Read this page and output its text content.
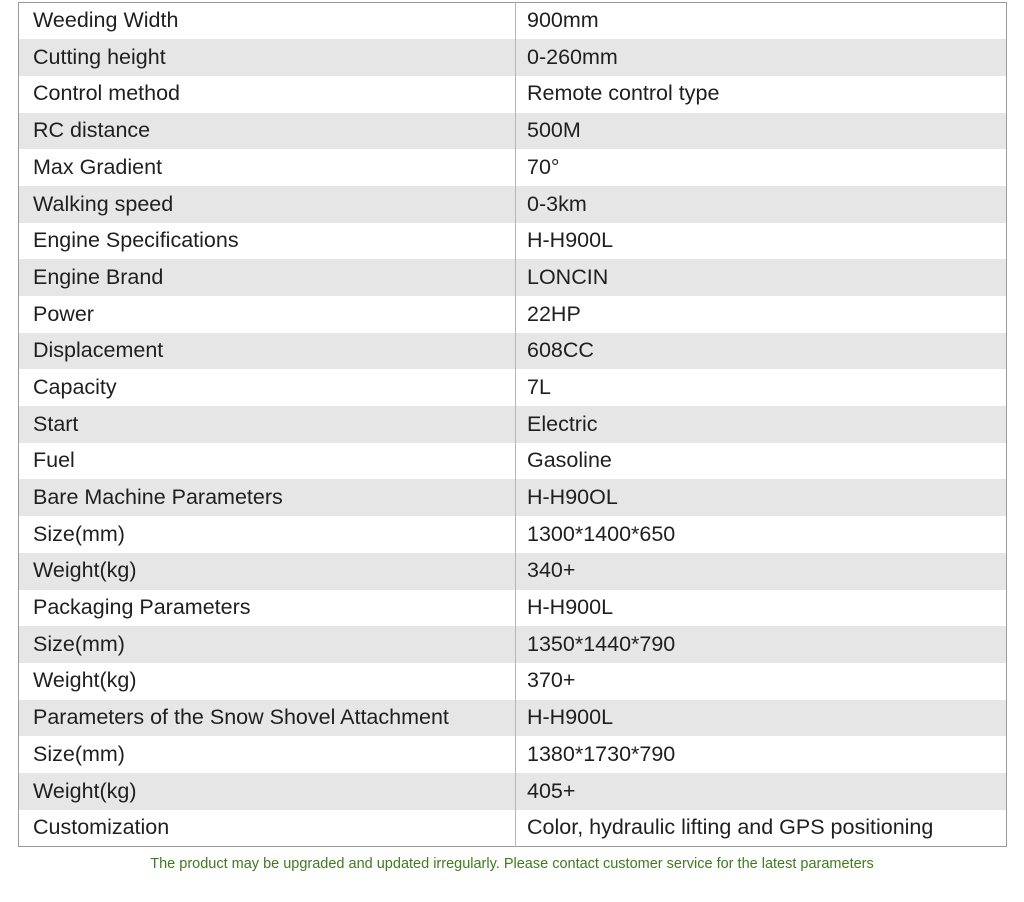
Weeding Width	900mm
Cutting height	0-260mm
Control method	Remote control type
RC distance	500M
Max Gradient	70°
Walking speed	0-3km
Engine Specifications	H-H900L
Engine Brand	LONCIN
Power	22HP
Displacement	608CC
Capacity	7L
Start	Electric
Fuel	Gasoline
Bare Machine Parameters	H-H90OL
Size(mm)	1300*1400*650
Weight(kg)	340+
Packaging Parameters	H-H900L
Size(mm)	1350*1440*790
Weight(kg)	370+
Parameters of the Snow Shovel Attachment	H-H900L
Size(mm)	1380*1730*790
Weight(kg)	405+
Customization	Color, hydraulic lifting and GPS positioning
The product may be upgraded and updated irregularly. Please contact customer service for the latest parameters
